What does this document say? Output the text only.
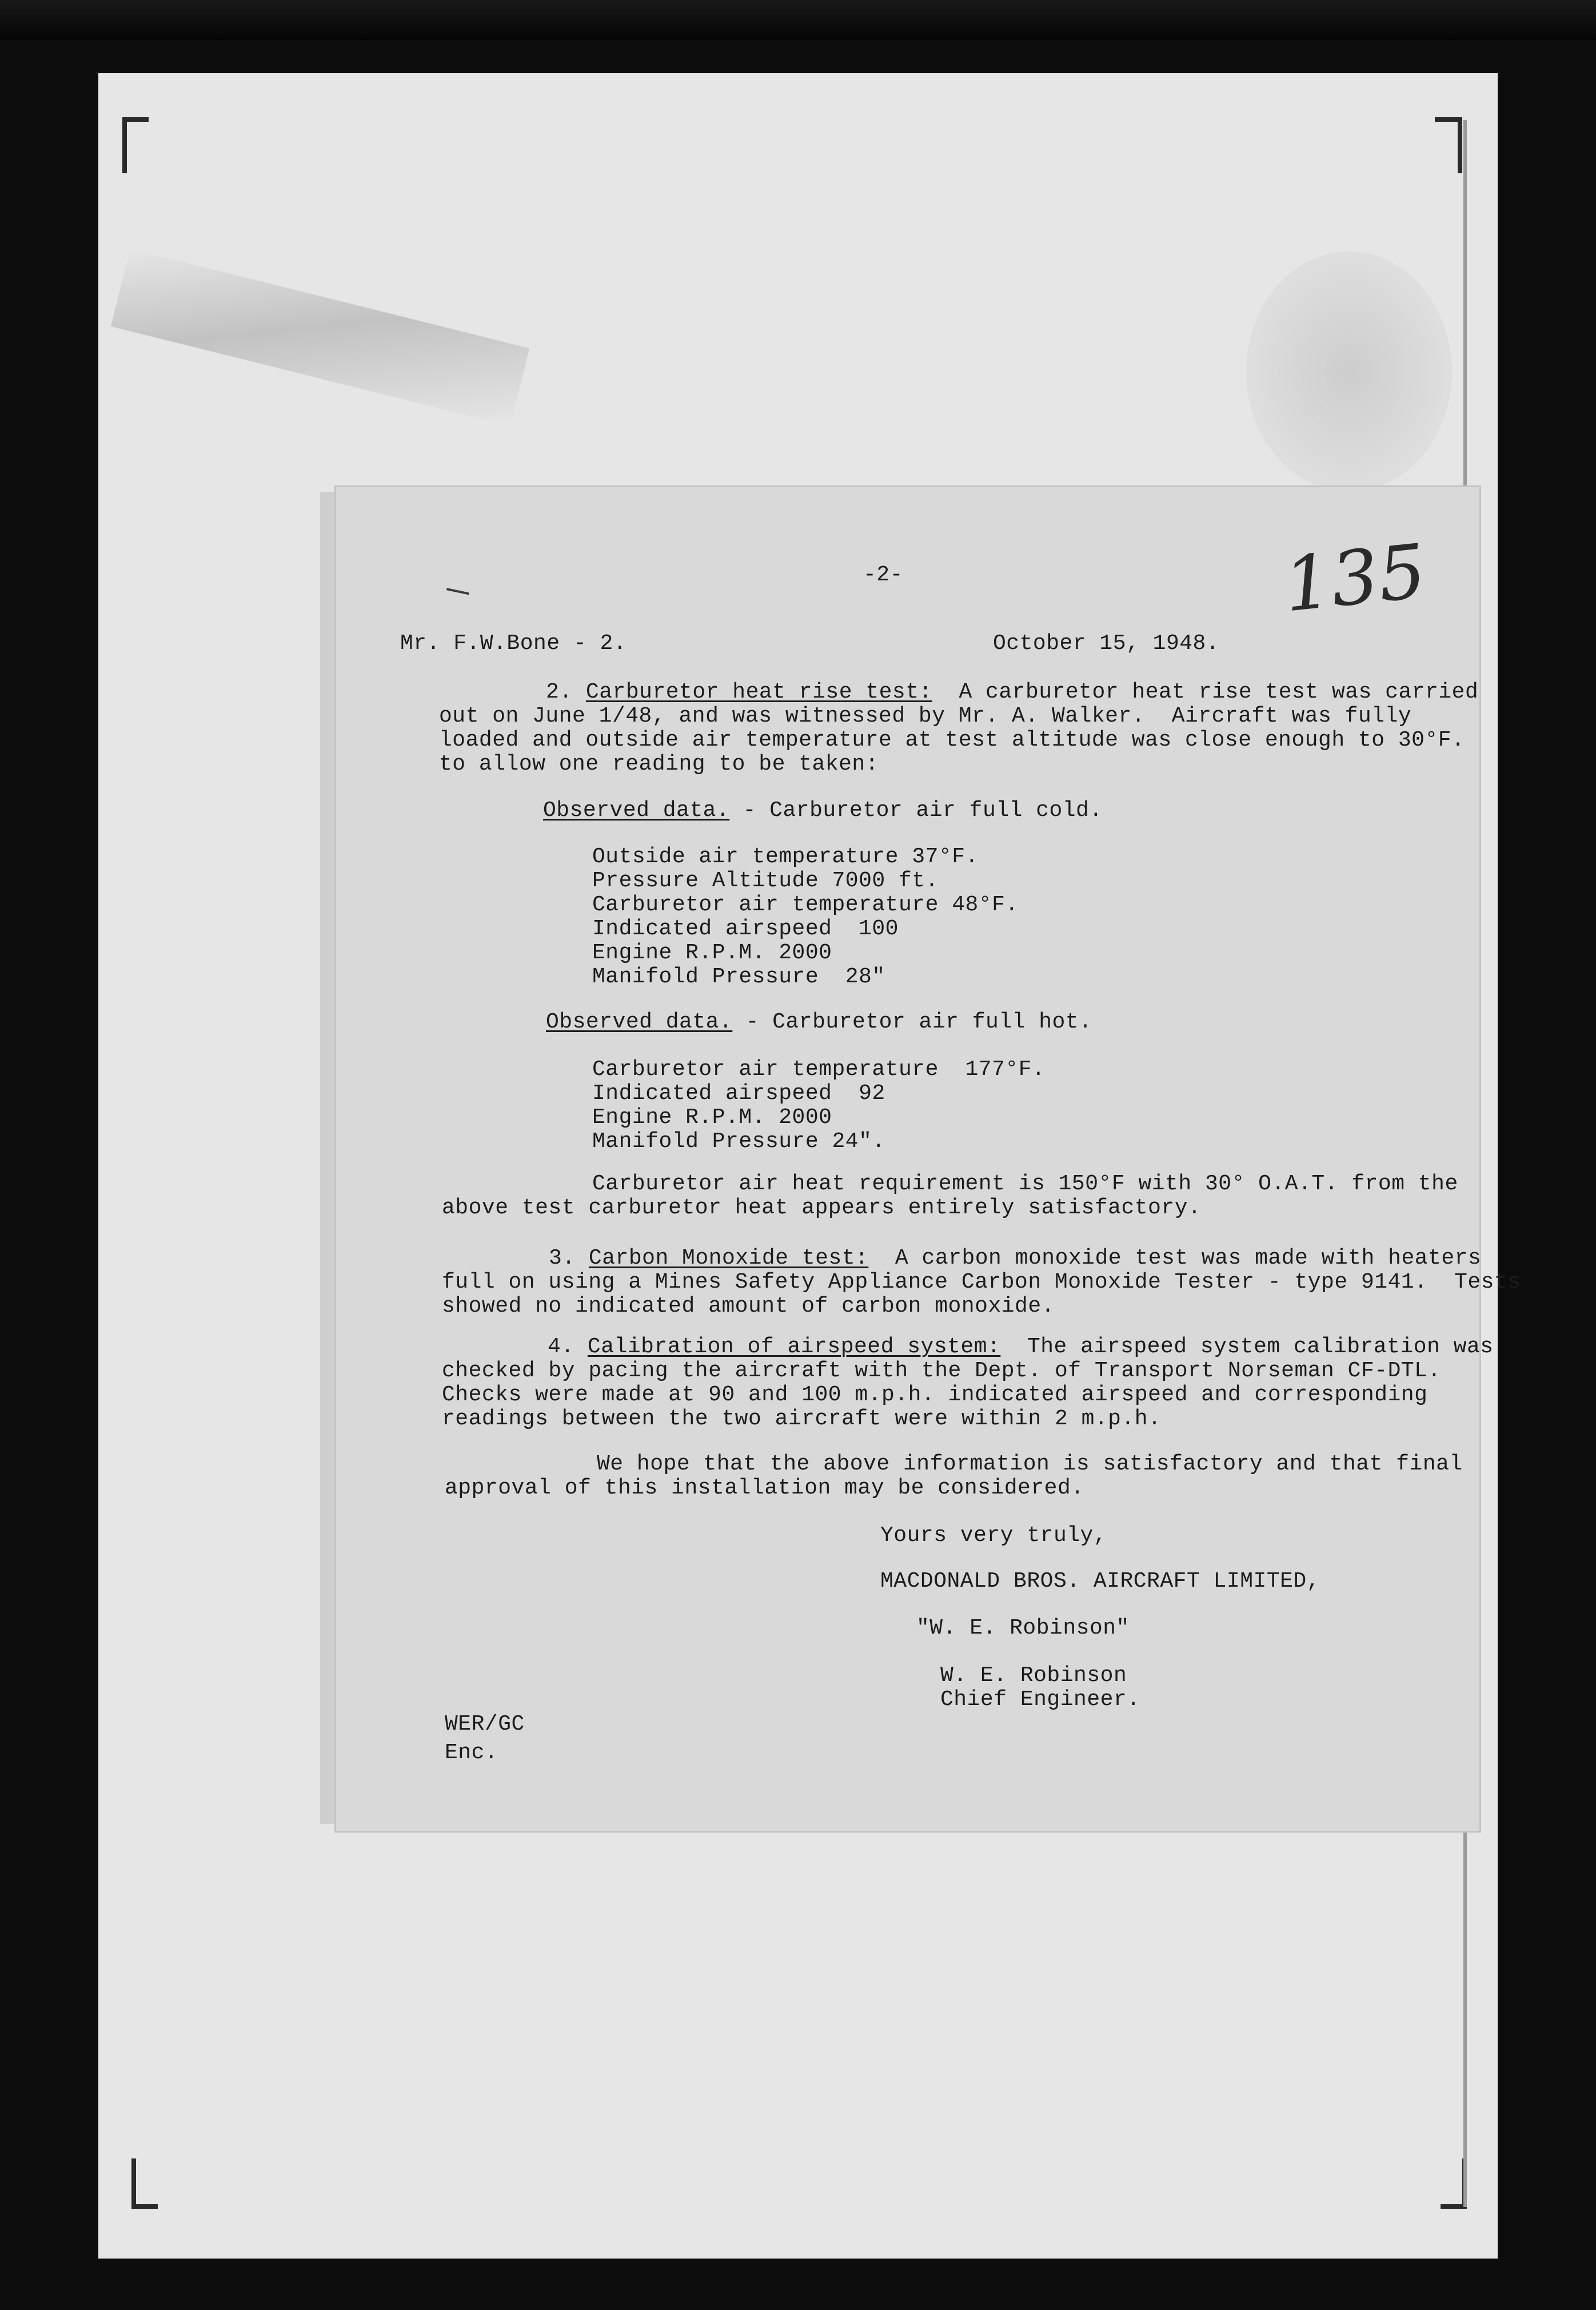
-2-	135
Mr. F.W.Bone - 2.	October 15, 1948.
2. Carburetor heat rise test: A carburetor heat rise test was carried
out on June 1/48, and was witnessed by Mr. A. Walker.  Aircraft was fully
loaded and outside air temperature at test altitude was close enough to 30°F.
to allow one reading to be taken:
Observed data. - Carburetor air full cold.
Outside air temperature 37°F.
Pressure Altitude 7000 ft.
Carburetor air temperature 48°F.
Indicated airspeed  100
Engine R.P.M. 2000
Manifold Pressure  28"
Observed data. - Carburetor air full hot.
Carburetor air temperature  177°F.
Indicated airspeed  92
Engine R.P.M. 2000
Manifold Pressure 24".
Carburetor air heat requirement is 150°F with 30° O.A.T. from the
above test carburetor heat appears entirely satisfactory.
3. Carbon Monoxide test: A carbon monoxide test was made with heaters
full on using a Mines Safety Appliance Carbon Monoxide Tester - type 9141.  Tests
showed no indicated amount of carbon monoxide.
4. Calibration of airspeed system: The airspeed system calibration was
checked by pacing the aircraft with the Dept. of Transport Norseman CF-DTL.
Checks were made at 90 and 100 m.p.h. indicated airspeed and corresponding
readings between the two aircraft were within 2 m.p.h.
We hope that the above information is satisfactory and that final
approval of this installation may be considered.
Yours very truly,
MACDONALD BROS. AIRCRAFT LIMITED,
"W. E. Robinson"
W. E. Robinson
Chief Engineer.
WER/GC
Enc.
